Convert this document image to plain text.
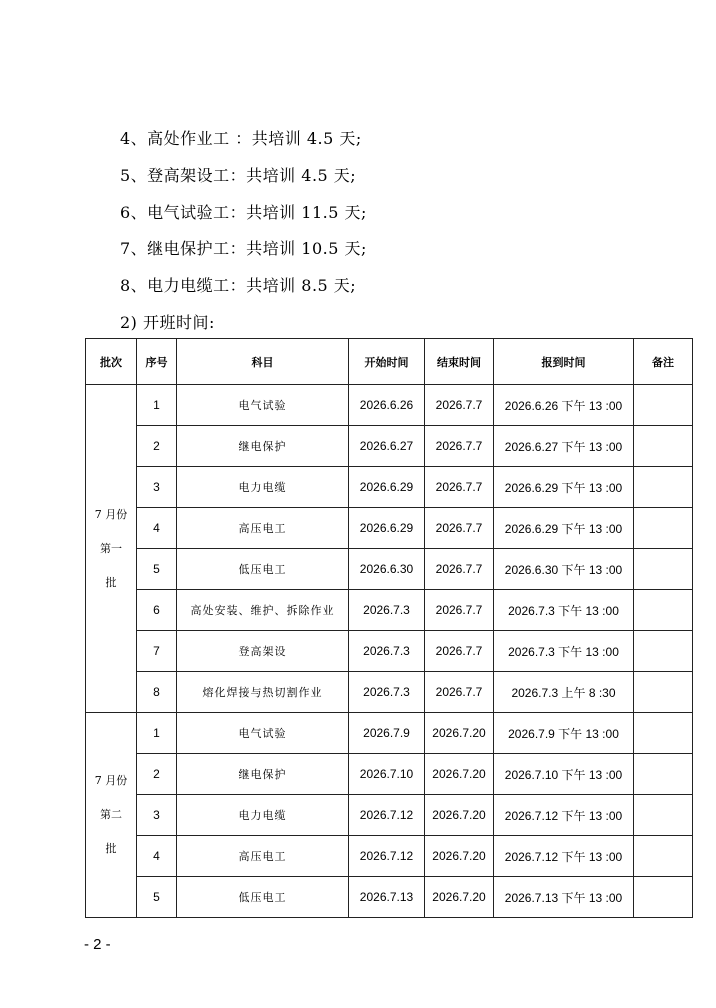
4、高处作业工 ：共培训 4.5 天;
5、登高架设工：共培训 4.5 天;
6、电气试验工：共培训 11.5 天;
7、继电保护工：共培训 10.5 天;
8、电力电缆工：共培训 8.5 天;
2) 开班时间:
批次	序号	科目	开始时间	结束时间	报到时间	备注

7 月份
第一
批	1	电气试验	2026.6.26	2026.7.7	2026.6.26 下午 13 :00	
	2	继电保护	2026.6.27	2026.7.7	2026.6.27 下午 13 :00	
	3	电力电缆	2026.6.29	2026.7.7	2026.6.29 下午 13 :00	
	4	高压电工	2026.6.29	2026.7.7	2026.6.29 下午 13 :00	
	5	低压电工	2026.6.30	2026.7.7	2026.6.30 下午 13 :00	
	6	高处安装、维护、拆除作业	2026.7.3	2026.7.7	2026.7.3 下午 13 :00	
	7	登高架设	2026.7.3	2026.7.7	2026.7.3 下午 13 :00	
	8	熔化焊接与热切割作业	2026.7.3	2026.7.7	2026.7.3 上午 8 :30	

7 月份
第二
批	1	电气试验	2026.7.9	2026.7.20	2026.7.9 下午 13 :00	
	2	继电保护	2026.7.10	2026.7.20	2026.7.10 下午 13 :00	
	3	电力电缆	2026.7.12	2026.7.20	2026.7.12 下午 13 :00	
	4	高压电工	2026.7.12	2026.7.20	2026.7.12 下午 13 :00	
	5	低压电工	2026.7.13	2026.7.20	2026.7.13 下午 13 :00	
- 2 -
